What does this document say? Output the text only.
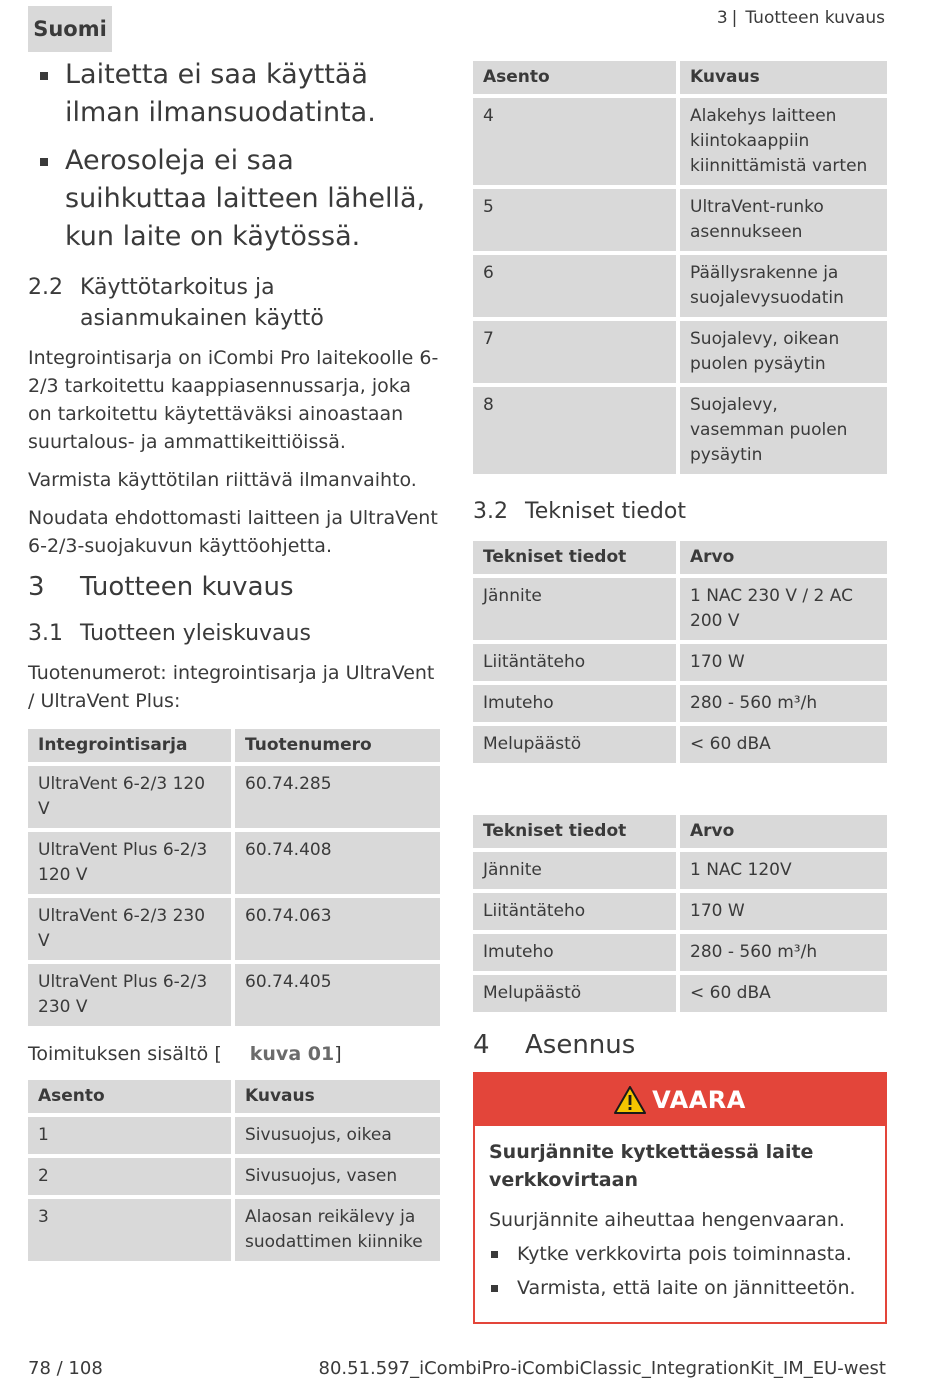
Suomi	3 | Tuotteen kuvaus
Laitetta ei saa käyttää ilman ilmansuodatinta.
Aerosoleja ei saa suihkuttaa laitteen lähellä, kun laite on käytössä.
2.2 Käyttötarkoitus ja asianmukainen käyttö

Integrointisarja on iCombi Pro laitekoolle 6-2/3 tarkoitettu kaappiasennussarja, joka on tarkoitettu käytettäväksi ainoastaan suurtalous- ja ammattikeittiöissä.

Varmista käyttötilan riittävä ilmanvaihto.

Noudata ehdottomasti laitteen ja UltraVent 6-2/3-suojakuvun käyttöohjetta.

3	Tuotteen kuvaus
3.1 Tuotteen yleiskuvaus

Tuotenumerot: integrointisarja ja UltraVent / UltraVent Plus:

Integrointisarja	Tuotenumero
UltraVent 6-2/3 120 V	60.74.285
UltraVent Plus 6-2/3 120 V	60.74.408
UltraVent 6-2/3 230 V	60.74.063
UltraVent Plus 6-2/3 230 V	60.74.405
Toimituksen sisältö [ kuva 01]
Asento	Kuvaus
1	Sivusuojus, oikea
2	Sivusuojus, vasen
3	Alaosan reikälevy ja suodattimen kiinnike
Asento	Kuvaus
4	Alakehys laitteen kiintokaappiin kiinnittämistä varten
5	UltraVent-runko asennukseen
6	Päällysrakenne ja suojalevysuodatin
7	Suojalevy, oikean puolen pysäytin
8	Suojalevy, vasemman puolen pysäytin
3.2 Tekniset tiedot
Tekniset tiedot	Arvo
Jännite	1 NAC 230 V / 2 AC 200 V
Liitäntäteho	170 W
Imuteho	280 - 560 m³/h
Melupäästö	< 60 dBA
Tekniset tiedot	Arvo
Jännite	1 NAC 120V
Liitäntäteho	170 W
Imuteho	280 - 560 m³/h
Melupäästö	< 60 dBA
4	Asennus
VAARA
Suurjännite kytkettäessä laite verkkovirtaan
Suurjännite aiheuttaa hengenvaaran.
Kytke verkkovirta pois toiminnasta.
Varmista, että laite on jännitteetön.
78 / 108	80.51.597_iCombiPro-iCombiClassic_IntegrationKit_IM_EU-west
